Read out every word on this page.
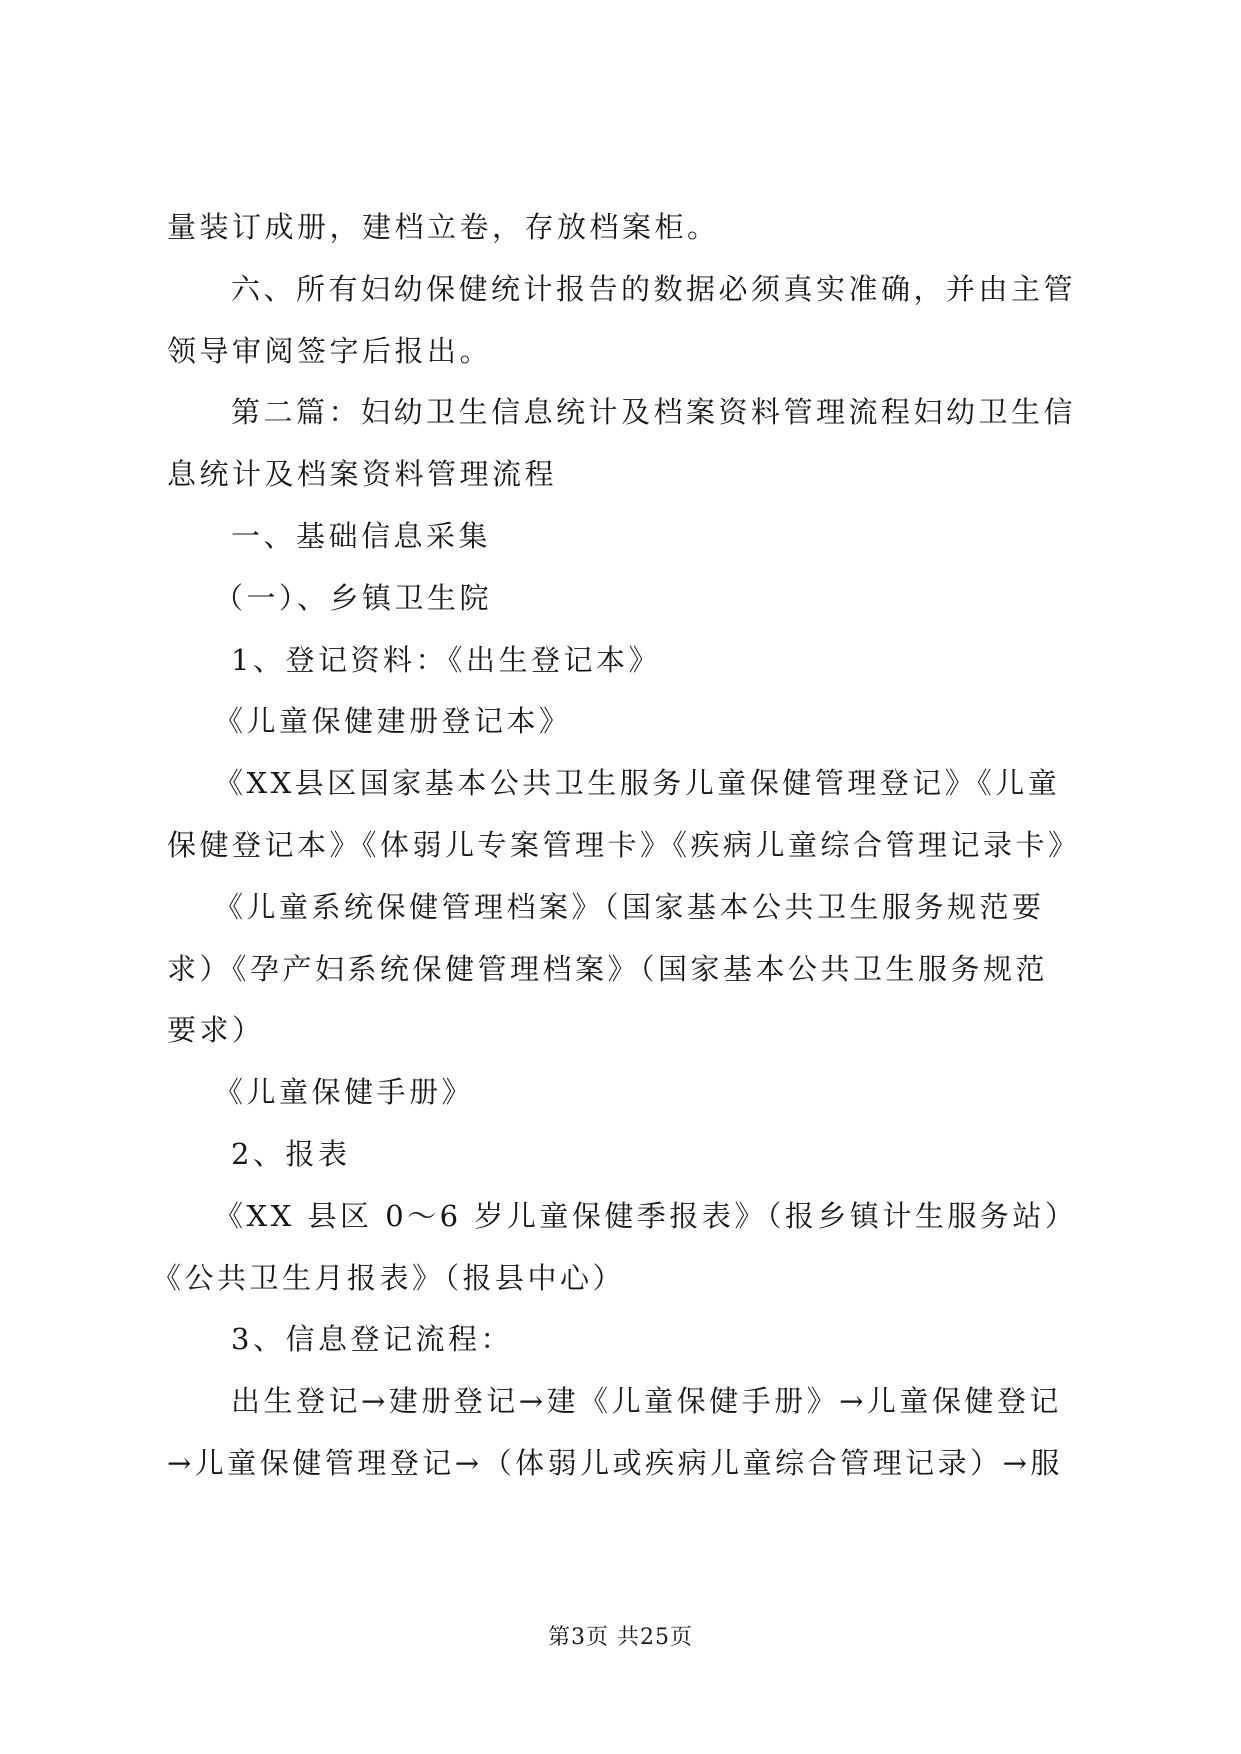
量装订成册，建档立卷，存放档案柜。
六、所有妇幼保健统计报告的数据必须真实准确，并由主管
领导审阅签字后报出。
第二篇：妇幼卫生信息统计及档案资料管理流程妇幼卫生信
息统计及档案资料管理流程
一、基础信息采集
（一）、乡镇卫生院
1、登记资料：《出生登记本》
《儿童保健建册登记本》
《XX县区国家基本公共卫生服务儿童保健管理登记》《儿童
保健登记本》《体弱儿专案管理卡》《疾病儿童综合管理记录卡》
《儿童系统保健管理档案》（国家基本公共卫生服务规范要
求）《孕产妇系统保健管理档案》（国家基本公共卫生服务规范
要求）
《儿童保健手册》
2、报表
《XX 县区 0～6 岁儿童保健季报表》（报乡镇计生服务站）
《公共卫生月报表》（报县中心）
3、信息登记流程：
出生登记→建册登记→建《儿童保健手册》→儿童保健登记
→儿童保健管理登记→（体弱儿或疾病儿童综合管理记录）→服
第3页 共25页
